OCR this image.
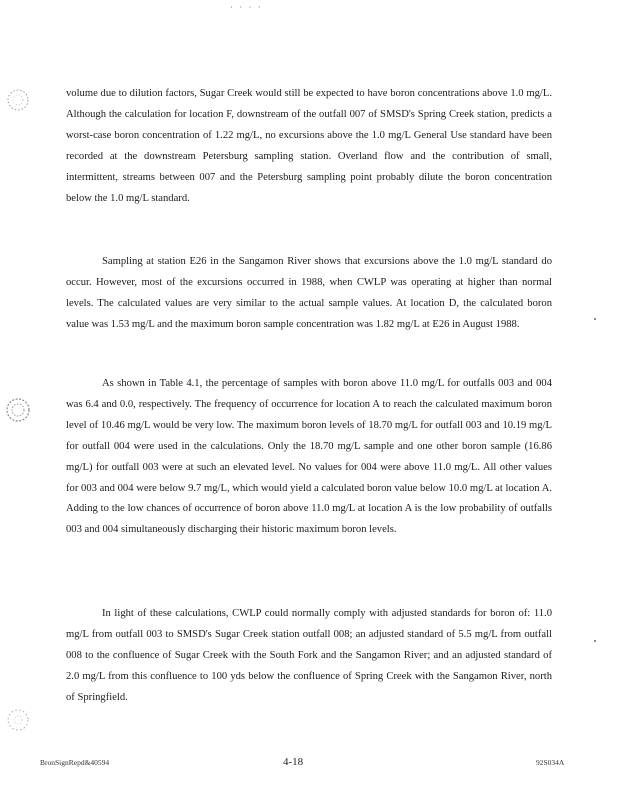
· · · ·

volume due to dilution factors, Sugar Creek would still be expected to have boron concentrations above 1.0 mg/L. Although the calculation for location F, downstream of the outfall 007 of SMSD's Spring Creek station, predicts a worst-case boron concentration of 1.22 mg/L, no excursions above the 1.0 mg/L General Use standard have been recorded at the downstream Petersburg sampling station. Overland flow and the contribution of small, intermittent, streams between 007 and the Petersburg sampling point probably dilute the boron concentration below the 1.0 mg/L standard.

Sampling at station E26 in the Sangamon River shows that excursions above the 1.0 mg/L standard do occur. However, most of the excursions occurred in 1988, when CWLP was operating at higher than normal levels. The calculated values are very similar to the actual sample values. At location D, the calculated boron value was 1.53 mg/L and the maximum boron sample concentration was 1.82 mg/L at E26 in August 1988.

As shown in Table 4.1, the percentage of samples with boron above 11.0 mg/L for outfalls 003 and 004 was 6.4 and 0.0, respectively. The frequency of occurrence for location A to reach the calculated maximum boron level of 10.46 mg/L would be very low. The maximum boron levels of 18.70 mg/L for outfall 003 and 10.19 mg/L for outfall 004 were used in the calculations. Only the 18.70 mg/L sample and one other boron sample (16.86 mg/L) for outfall 003 were at such an elevated level. No values for 004 were above 11.0 mg/L. All other values for 003 and 004 were below 9.7 mg/L, which would yield a calculated boron value below 10.0 mg/L at location A. Adding to the low chances of occurrence of boron above 11.0 mg/L at location A is the low probability of outfalls 003 and 004 simultaneously discharging their historic maximum boron levels.

In light of these calculations, CWLP could normally comply with adjusted standards for boron of: 11.0 mg/L from outfall 003 to SMSD's Sugar Creek station outfall 008; an adjusted standard of 5.5 mg/L from outfall 008 to the confluence of Sugar Creek with the South Fork and the Sangamon River; and an adjusted standard of 2.0 mg/L from this confluence to 100 yds below the confluence of Spring Creek with the Sangamon River, north of Springfield.

BronSignRepd&40594	4-18	92S034A
